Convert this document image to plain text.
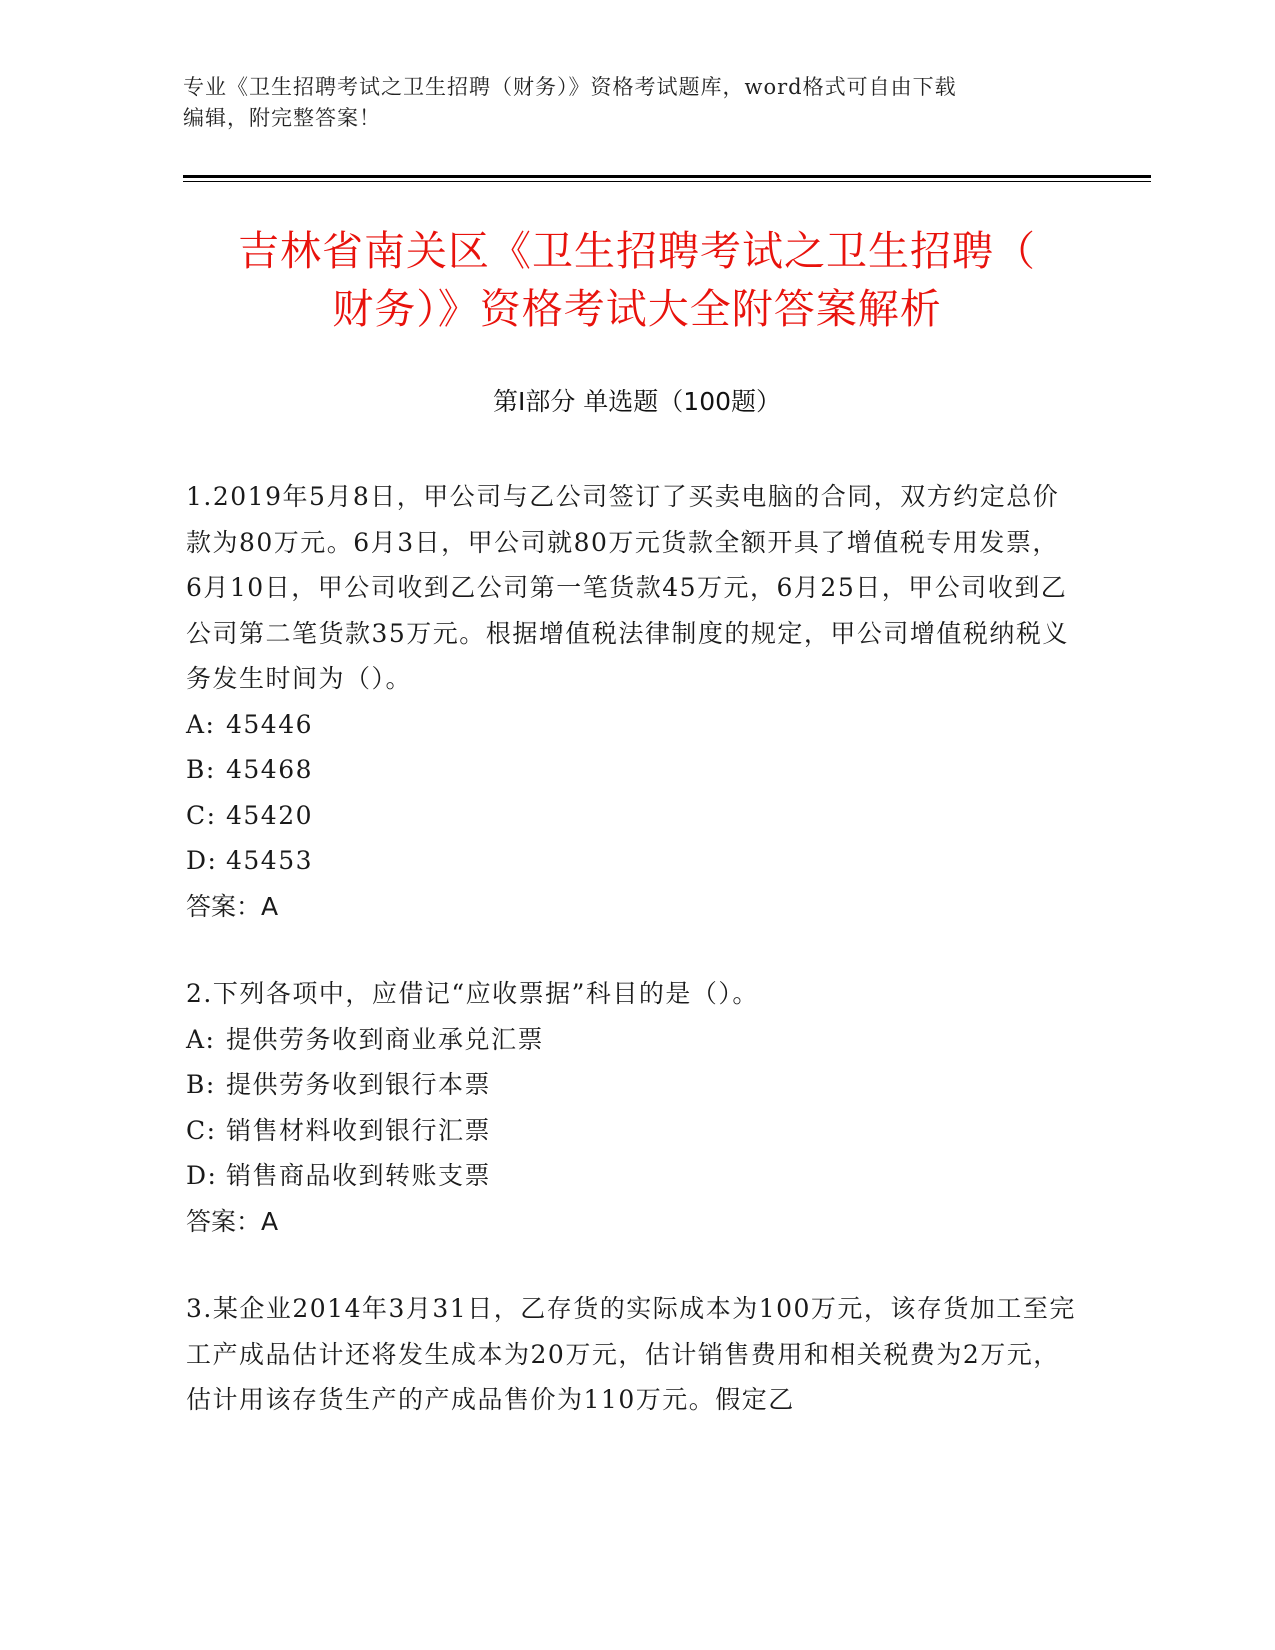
专业《卫生招聘考试之卫生招聘（财务）》资格考试题库，word格式可自由下载
编辑，附完整答案！
吉林省南关区《卫生招聘考试之卫生招聘（
财务）》资格考试大全附答案解析
第I部分 单选题（100题）

1.2019年5月8日，甲公司与乙公司签订了买卖电脑的合同，双方约定总价款为80万元。6月3日，甲公司就80万元货款全额开具了增值税专用发票，6月10日，甲公司收到乙公司第一笔货款45万元，6月25日，甲公司收到乙公司第二笔货款35万元。根据增值税法律制度的规定，甲公司增值税纳税义务发生时间为（）。

A: 45446

B: 45468

C: 45420

D: 45453

答案：A

2.下列各项中，应借记“应收票据”科目的是（）。

A: 提供劳务收到商业承兑汇票

B: 提供劳务收到银行本票

C: 销售材料收到银行汇票

D: 销售商品收到转账支票

答案：A

3.某企业2014年3月31日，乙存货的实际成本为100万元，该存货加工至完工产成品估计还将发生成本为20万元，估计销售费用和相关税费为2万元，估计用该存货生产的产成品售价为110万元。假定乙
